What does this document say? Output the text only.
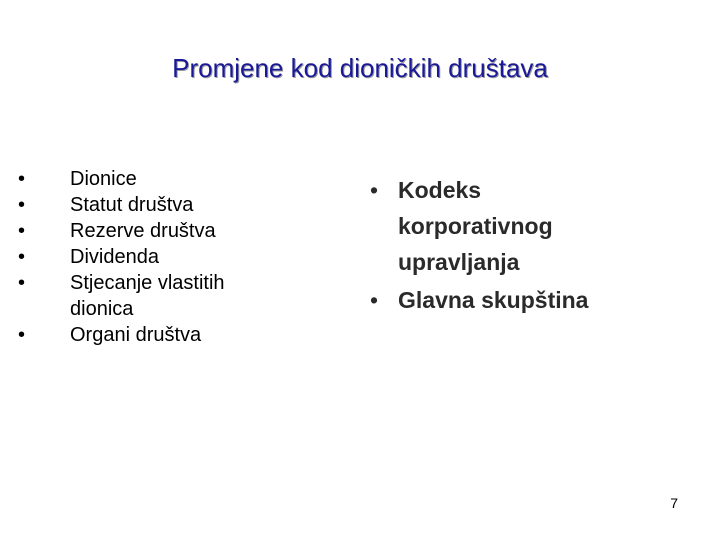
Promjene kod dioničkih društava
• Dionice
• Statut društva
• Rezerve društva
• Dividenda
• Stjecanje vlastitih dionica
• Organi društva
• Kodeks korporativnog upravljanja
• Glavna skupština
7
